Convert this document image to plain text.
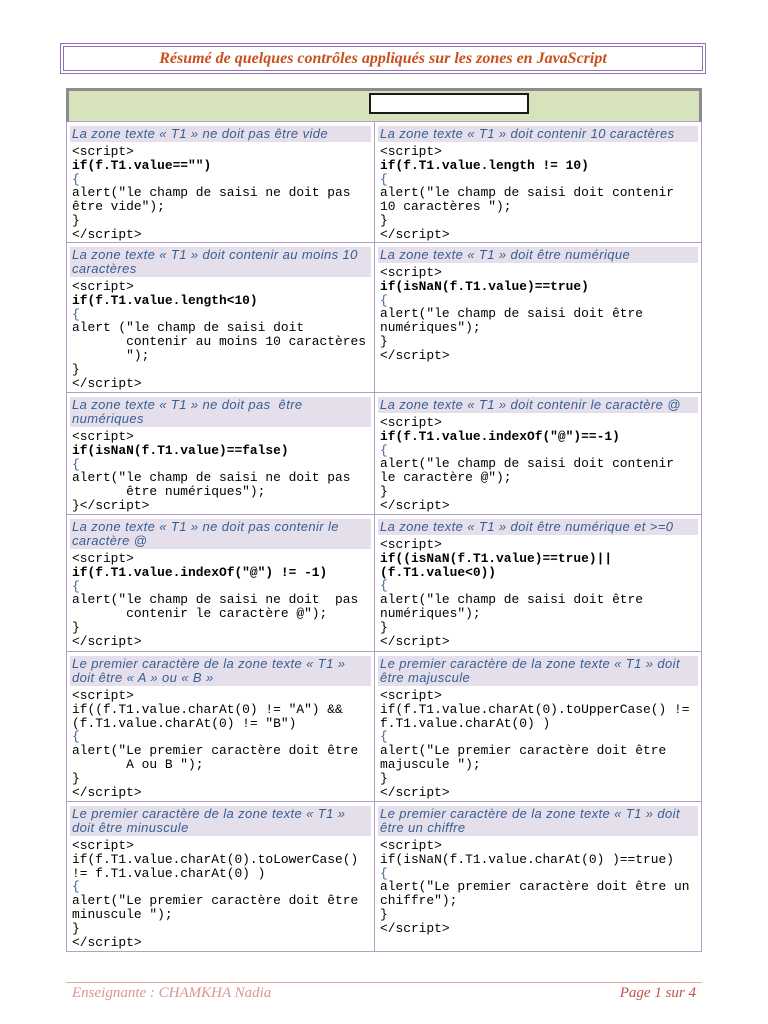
Résumé de quelques contrôles appliqués sur les zones en JavaScript
La zone texte « T1 » ne doit pas être vide
<script>
if(f.T1.value=="")
{
alert("le champ de saisi ne doit pas
être vide");
}
</script>
La zone texte « T1 » doit contenir 10 caractères
<script>
if(f.T1.value.length != 10)
{
alert("le champ de saisi doit contenir
10 caractères ");
}
</script>
La zone texte « T1 » doit contenir au moins 10 caractères
<script>
if(f.T1.value.length<10)
{
alert ("le champ de saisi doit
contenir au moins 10 caractères
");
}
</script>
La zone texte « T1 » doit être numérique
<script>
if(isNaN(f.T1.value)==true)
{
alert("le champ de saisi doit être
numériques");
}
</script>
La zone texte « T1 » ne doit pas  être numériques
<script>
if(isNaN(f.T1.value)==false)
{
alert("le champ de saisi ne doit pas
être numériques");
}</script>
La zone texte « T1 » doit contenir le caractère @
<script>
if(f.T1.value.indexOf("@")==-1)
{
alert("le champ de saisi doit contenir
le caractère @");
}
</script>
La zone texte « T1 » ne doit pas contenir le caractère @
<script>
if(f.T1.value.indexOf("@") != -1)
{
alert("le champ de saisi ne doit  pas
contenir le caractère @");
}
</script>
La zone texte « T1 » doit être numérique et >=0
<script>
if((isNaN(f.T1.value)==true)||
(f.T1.value<0))
{
alert("le champ de saisi doit être
numériques");
}
</script>
Le premier caractère de la zone texte « T1 » doit être « A » ou « B »
<script>
if((f.T1.value.charAt(0) != "A") &&
(f.T1.value.charAt(0) != "B")
{
alert("Le premier caractère doit être
A ou B ");
}
</script>
Le premier caractère de la zone texte « T1 » doit être majuscule
<script>
if(f.T1.value.charAt(0).toUpperCase() !=
f.T1.value.charAt(0) )
{
alert("Le premier caractère doit être
majuscule ");
}
</script>
Le premier caractère de la zone texte « T1 » doit être minuscule
<script>
if(f.T1.value.charAt(0).toLowerCase()
!= f.T1.value.charAt(0) )
{
alert("Le premier caractère doit être
minuscule ");
}
</script>
Le premier caractère de la zone texte « T1 » doit être un chiffre
<script>
if(isNaN(f.T1.value.charAt(0) )==true)
{
alert("Le premier caractère doit être un
chiffre");
}
</script>
Enseignante : CHAMKHA Nadia	Page 1 sur 4
